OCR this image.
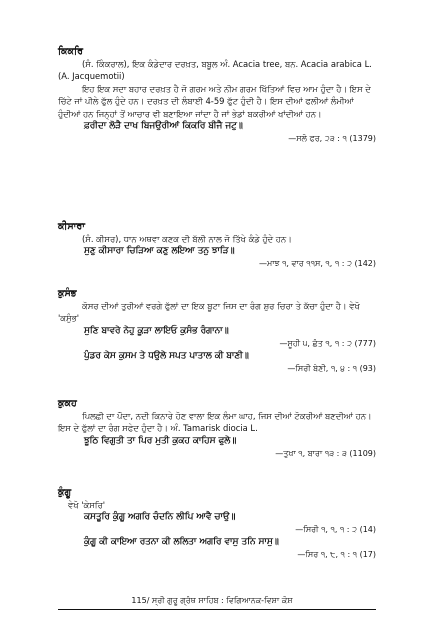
ਕਿਕਰਿ

(ਸੰ. ਕਿੰਕਰਾਲ), ਇਕ ਕੰਡੇਦਾਰ ਦਰਖ਼ਤ, ਬਬੂਲ ਅੰ. Acacia tree, ਬਨ. Acacia arabica L. (A. Jacquemotii)

ਇਹ ਇਕ ਸਦਾ ਬਹਾਰ ਦਰਖ਼ਤ ਹੈ ਜੋ ਗਰਮ ਅਤੇ ਨੀਮ ਗਰਮ ਖਿੱਤਿਆਂ ਵਿਚ ਆਮ ਹੁੰਦਾ ਹੈ। ਇਸ ਦੇ ਚਿੱਟੇ ਜਾਂ ਪੀਲੇ ਫੁੱਲ ਹੁੰਦੇ ਹਨ। ਦਰਖ਼ਤ ਦੀ ਲੰਬਾਈ 4-59 ਫੁੱਟ ਹੁੰਦੀ ਹੈ। ਇਸ ਦੀਆਂ ਫਲੀਆਂ ਲੰਮੀਆਂ ਹੁੰਦੀਆਂ ਹਨ ਜਿਨ੍ਹਾਂ ਤੋਂ ਆਚਾਰ ਵੀ ਬਣਾਇਆ ਜਾਂਦਾ ਹੈ ਜਾਂ ਭੇਡਾਂ ਬਕਰੀਆਂ ਖਾਂਦੀਆਂ ਹਨ।

ਫ਼ਰੀਦਾ ਲੋੜੈ ਦਾਖ ਬਿਜਉਰੀਆਂ ਕਿਕਰਿ ਬੀਜੈ ਜਟੁ॥
—ਸਲੋ ਫਰ, ੨੩ : ੧ (1379)
ਕੀਸਾਰਾ

(ਸੰ. ਕੀਸਰ), ਧਾਨ ਅਥਵਾ ਕਣਕ ਦੀ ਬੱਲੀ ਨਾਲ ਜੋ ਤਿੱਖੇ ਕੰਡੇ ਹੁੰਦੇ ਹਨ।

ਸੁਣੁ ਕੀਸਾਰਾ ਚਿੜਿਆ ਕਣੁ ਲਇਆ ਤਨੁ ਝਾੜਿ॥
—ਮਾਝ ੧, ਵਾਰ ੧੧ਸ, ੧, ੧ : ੨ (142)
ਕੁਸੰਭ

ਕੋਸਰ ਦੀਆਂ ਤੁਰੀਆਂ ਵਰਗੇ ਫੁੱਲਾਂ ਦਾ ਇਕ ਬੂਟਾ ਜਿਸ ਦਾ ਰੰਗ ਸ਼ੁਰ ਚਿਰਾ ਤੇ ਕੱਚਾ ਹੁੰਦਾ ਹੈ। ਵੇਖੋ 'ਕਸੁੰਭ'

ਸੁਣਿ ਬਾਵਰੇ ਨੇਹੁ ਕੂੜਾ ਲਾਇਓ ਕੁਸੰਭ ਰੰਗਾਨਾ॥
—ਸੂਹੀ ੫, ਛੰਤ ੧, ੧ : ੨ (777)
ਪੁੰਡਰ ਕੇਸ ਕੁਸਮ ਤੇ ਧਉਲੇ ਸਪਤ ਪਾਤਾਲ ਕੀ ਬਾਣੀ॥
—ਸਿਰੀ ਬੇਣੀ, ੧, ੪ : ੧ (93)
ਕੁਕਹ

ਪਿਲਛੀ ਦਾ ਪੌਦਾ, ਨਦੀ ਕਿਨਾਰੇ ਹੋਣ ਵਾਲਾ ਇਕ ਲੰਮਾ ਘਾਹ, ਜਿਸ ਦੀਆਂ ਟੋਕਰੀਆਂ ਬਣਦੀਆਂ ਹਨ। ਇਸ ਦੇ ਫੁੱਲਾਂ ਦਾ ਰੰਗ ਸਫੇਦ ਹੁੰਦਾ ਹੈ। ਅੰ. Tamarisk diocia L.

ਝੂਠਿ ਵਿਗੁਤੀ ਤਾ ਪਿਰ ਮੁਤੀ ਕੁਕਹ ਕਾਹਿਸ ਫੁਲੇ॥
—ਤੁਖਾ ੧, ਬਾਰਾ ੧੩ : ੩ (1109)
ਕੁੰਗੂ
ਵੇਖੋ 'ਕੇਸਰਿ'
ਕਸਤੂਰਿ ਕੁੰਗੂ ਅਗਰਿ ਚੰਦਨਿ ਲੀਪਿ ਆਵੈ ਚਾਉ॥
—ਸਿਰੀ ੧, ੧, ੧ : ੨ (14)
ਕੁੰਗੂ ਕੀ ਕਾਇਆ ਰਤਨਾ ਕੀ ਲਲਿਤਾ ਅਗਰਿ ਵਾਸੁ ਤਨਿ ਸਾਸੁ॥
—ਸਿਰ ੧, ੮, ੧ : ੧ (17)
115/ ਸ੍ਰੀ ਗੁਰੂ ਗ੍ਰੰਥ ਸਾਹਿਬ : ਵਿਗਿਆਨਕ-ਵਿਸ਼ਾ ਕੋਸ਼
